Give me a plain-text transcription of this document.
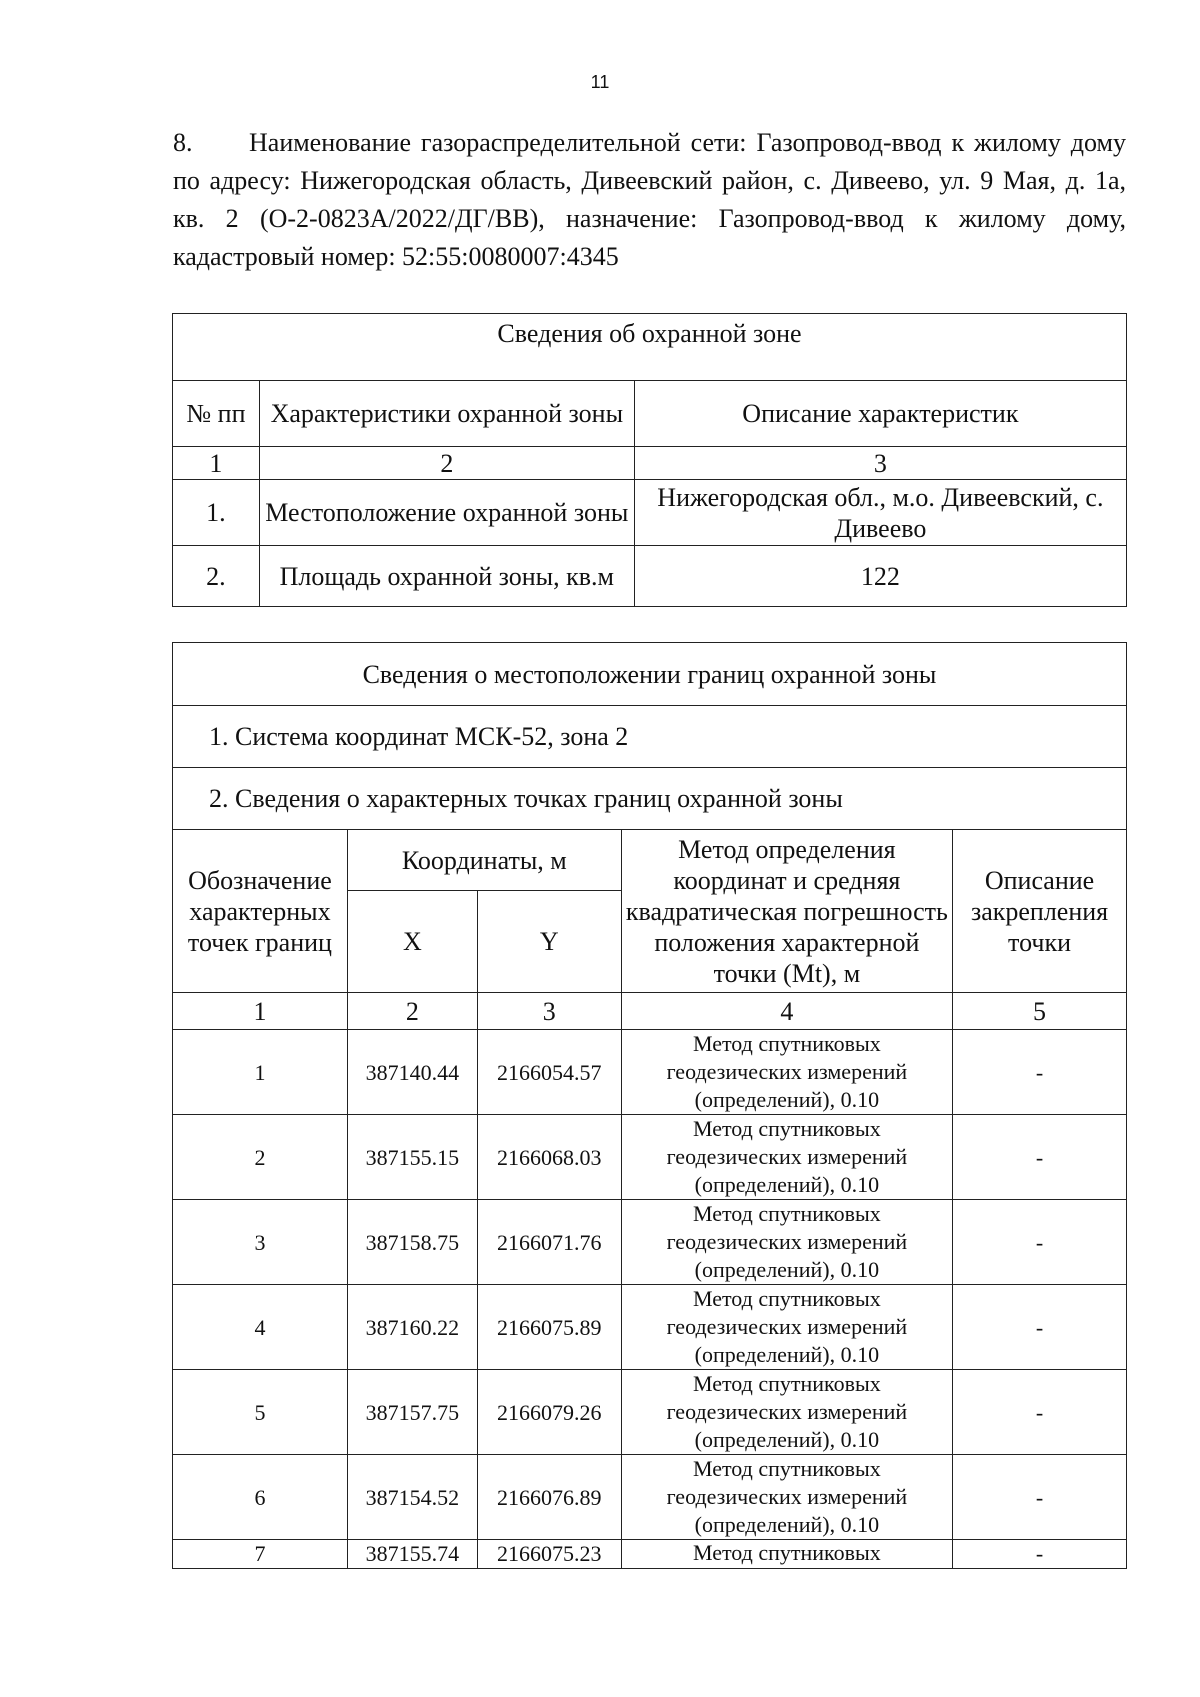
11

8. Наименование газораспределительной сети: Газопровод-ввод к жилому дому по адресу: Нижегородская область, Дивеевский район, с. Дивеево, ул. 9 Мая, д. 1а, кв. 2 (О-2-0823А/2022/ДГ/ВВ), назначение: Газопровод-ввод к жилому дому, кадастровый номер: 52:55:0080007:4345

Сведения об охранной зоне		
№ пп	Характеристики охранной зоны	Описание характеристик
1	2	3
1.	Местоположение охранной зоны	Нижегородская обл., м.о. Дивеевский, с. Дивеево
2.	Площадь охранной зоны, кв.м	122
Сведения о местоположении границ охранной зоны				
1. Система координат МСК-52, зона 2				
2. Сведения о характерных точках границ охранной зоны				
Обозначение характерных точек границ	Координаты, м		Метод определения координат и средняя квадратическая погрешность положения характерной точки (Mt), м	Описание закрепления точки
	X	Y		
1	2	3	4	5
1	387140.44	2166054.57	Метод спутниковых геодезических измерений (определений), 0.10	-
2	387155.15	2166068.03	Метод спутниковых геодезических измерений (определений), 0.10	-
3	387158.75	2166071.76	Метод спутниковых геодезических измерений (определений), 0.10	-
4	387160.22	2166075.89	Метод спутниковых геодезических измерений (определений), 0.10	-
5	387157.75	2166079.26	Метод спутниковых геодезических измерений (определений), 0.10	-
6	387154.52	2166076.89	Метод спутниковых геодезических измерений (определений), 0.10	-
7	387155.74	2166075.23	Метод спутниковых	-
